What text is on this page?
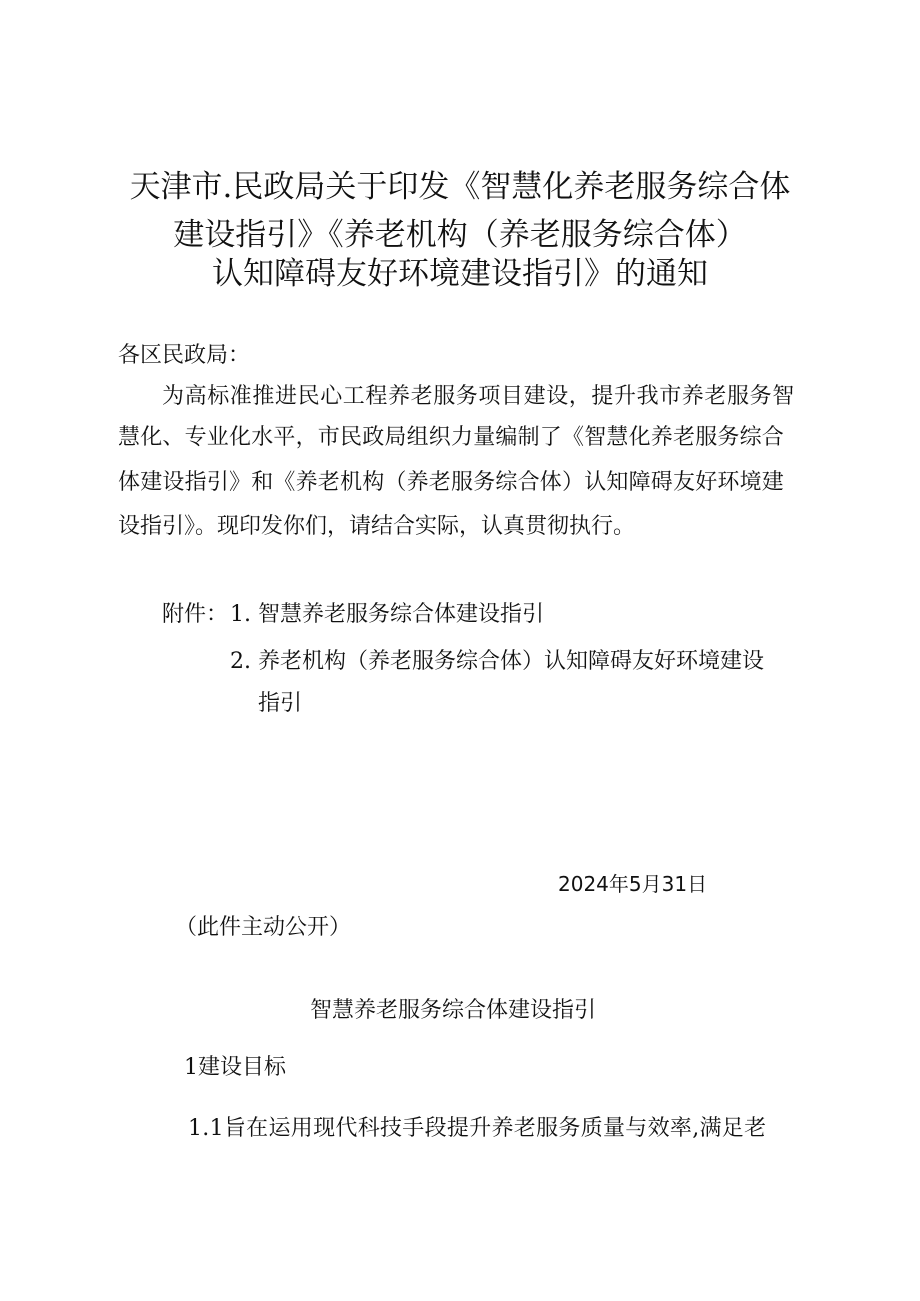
天津市.民政局关于印发《智慧化养老服务综合体
建设指引》《养老机构（养老服务综合体）
认知障碍友好环境建设指引》的通知
各区民政局：
为高标准推进民心工程养老服务项目建设，提升我市养老服务智
慧化、专业化水平，市民政局组织力量编制了《智慧化养老服务综合
体建设指引》和《养老机构（养老服务综合体）认知障碍友好环境建
设指引》。现印发你们，请结合实际，认真贯彻执行。
附件： 1. 智慧养老服务综合体建设指引
2. 养老机构（养老服务综合体）认知障碍友好环境建设
指引
2024年5月31日
（此件主动公开）
智慧养老服务综合体建设指引
1建设目标
1.1旨在运用现代科技手段提升养老服务质量与效率,满足老
